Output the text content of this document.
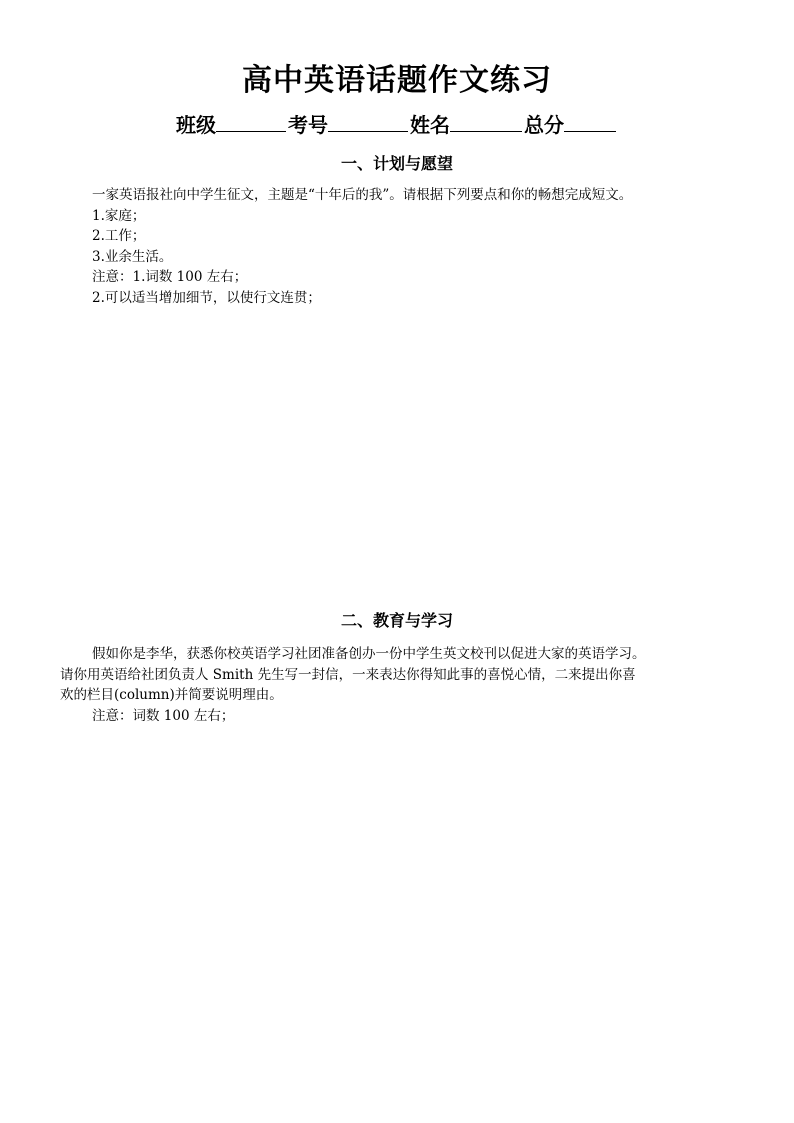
高中英语话题作文练习
班级	考号	姓名	总分
一、计划与愿望
一家英语报社向中学生征文，主题是“十年后的我”。请根据下列要点和你的畅想完成短文。
1.家庭；
2.工作；
3.业余生活。
注意：1.词数 100 左右；
2.可以适当增加细节，以使行文连贯；
二、教育与学习
假如你是李华，获悉你校英语学习社团准备创办一份中学生英文校刊以促进大家的英语学习。
请你用英语给社团负责人 Smith 先生写一封信，一来表达你得知此事的喜悦心情，二来提出你喜
欢的栏目(column)并简要说明理由。
注意：词数 100 左右；
